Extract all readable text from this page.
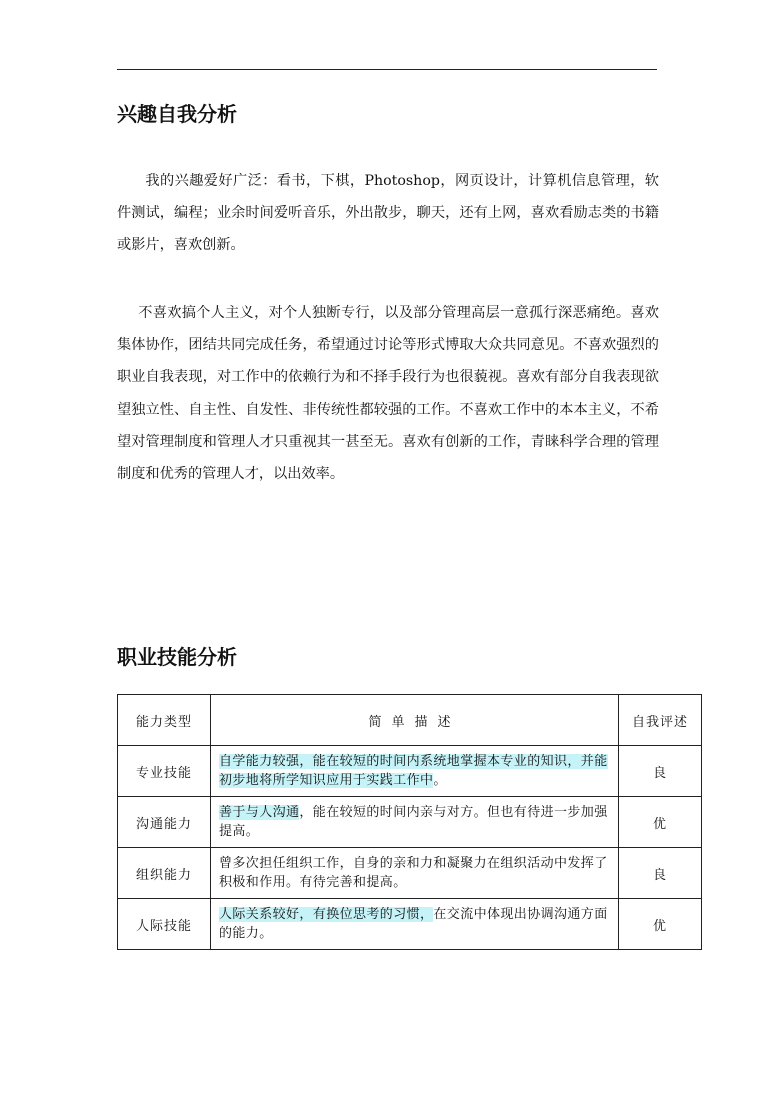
兴趣自我分析

我的兴趣爱好广泛：看书，下棋，Photoshop，网页设计，计算机信息管理，软件测试，编程；业余时间爱听音乐，外出散步，聊天，还有上网，喜欢看励志类的书籍或影片，喜欢创新。

不喜欢搞个人主义，对个人独断专行，以及部分管理高层一意孤行深恶痛绝。喜欢集体协作，团结共同完成任务，希望通过讨论等形式博取大众共同意见。不喜欢强烈的职业自我表现，对工作中的依赖行为和不择手段行为也很藐视。喜欢有部分自我表现欲望独立性、自主性、自发性、非传统性都较强的工作。不喜欢工作中的本本主义，不希望对管理制度和管理人才只重视其一甚至无。喜欢有创新的工作，青睐科学合理的管理制度和优秀的管理人才，以出效率。

职业技能分析
能力类型	简单描述	自我评述
专业技能	自学能力较强，能在较短的时间内系统地掌握本专业的知识，并能初步地将所学知识应用于实践工作中。	良
沟通能力	善于与人沟通，能在较短的时间内亲与对方。但也有待进一步加强提高。	优
组织能力	曾多次担任组织工作，自身的亲和力和凝聚力在组织活动中发挥了积极和作用。有待完善和提高。	良
人际技能	人际关系较好，有换位思考的习惯，在交流中体现出协调沟通方面的能力。	优
